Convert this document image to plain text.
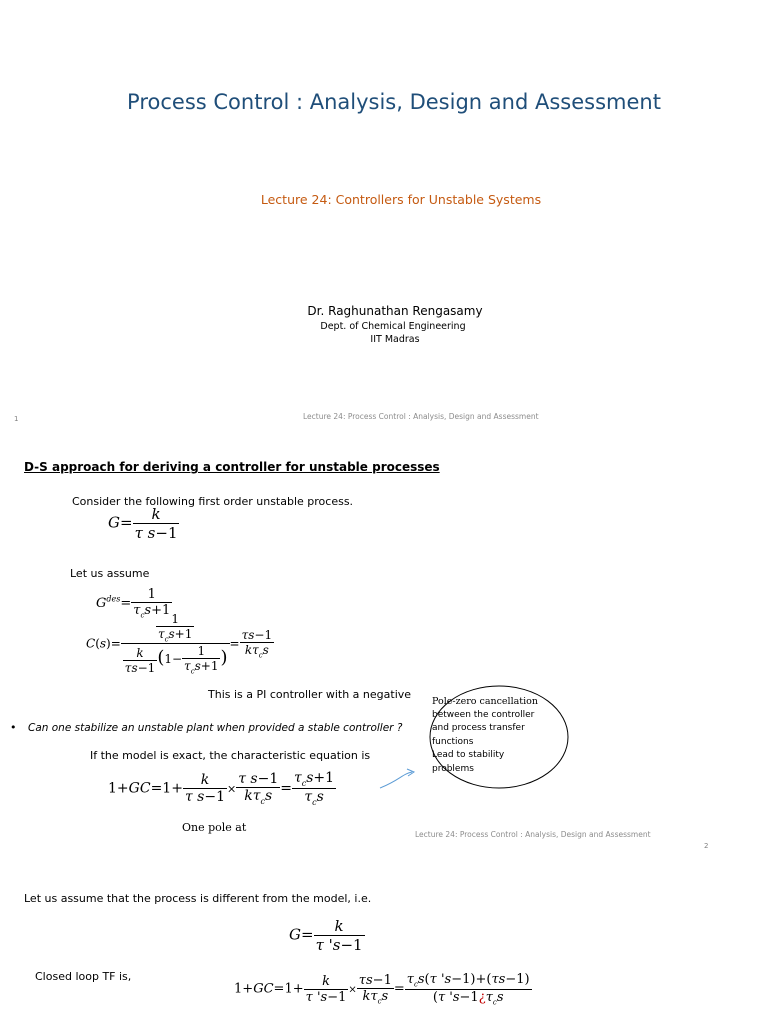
Process Control : Analysis, Design and Assessment
Lecture 24: Controllers for Unstable Systems
Dr. Raghunathan Rengasamy
Dept. of Chemical Engineering
IIT Madras
1	Lecture 24: Process Control : Analysis, Design and Assessment
D-S approach for deriving a controller for unstable processes
Consider the following first order unstable process.
$G= \frac{k}{\text{τ s−1}}$
Let us assume
$G^{des}= \frac{1}{\tau_cs+1}$
$C(s)= \frac{\frac{1}{\tau_cs+1}}{\frac{k}{\tau s-1} (1- \frac{1}{\tau_cs+1} )} = \frac{\tau s-1}{k\tau_cs}$
This is a PI controller with a negative
• Can one stabilize an unstable plant when provided a stable controller ?
If the model is exact, the characteristic equation is
$1+GC=1+ \frac{k}{\text{τ s−1}} \times \frac{\text{τ s−1}}{k\tau_cs} = \frac{\tau_cs+1}{\tau_cs}$
One pole at
Pole-zero cancellation
between the controller
and process transfer
functions
Lead to stability
problems
Lecture 24: Process Control : Analysis, Design and Assessment
2
Let us assume that the process is different from the model, i.e.
$G= \frac{k}{\tau 's-1}$
Closed loop TF is,
$1+GC=1+ \frac{k}{\tau 's-1} \times \frac{\tau s-1}{k\tau_cs} = \frac{\tau_cs(\tau 's-1)+(\tau s-1)}{(\tau 's-1¿\tau_cs}$
